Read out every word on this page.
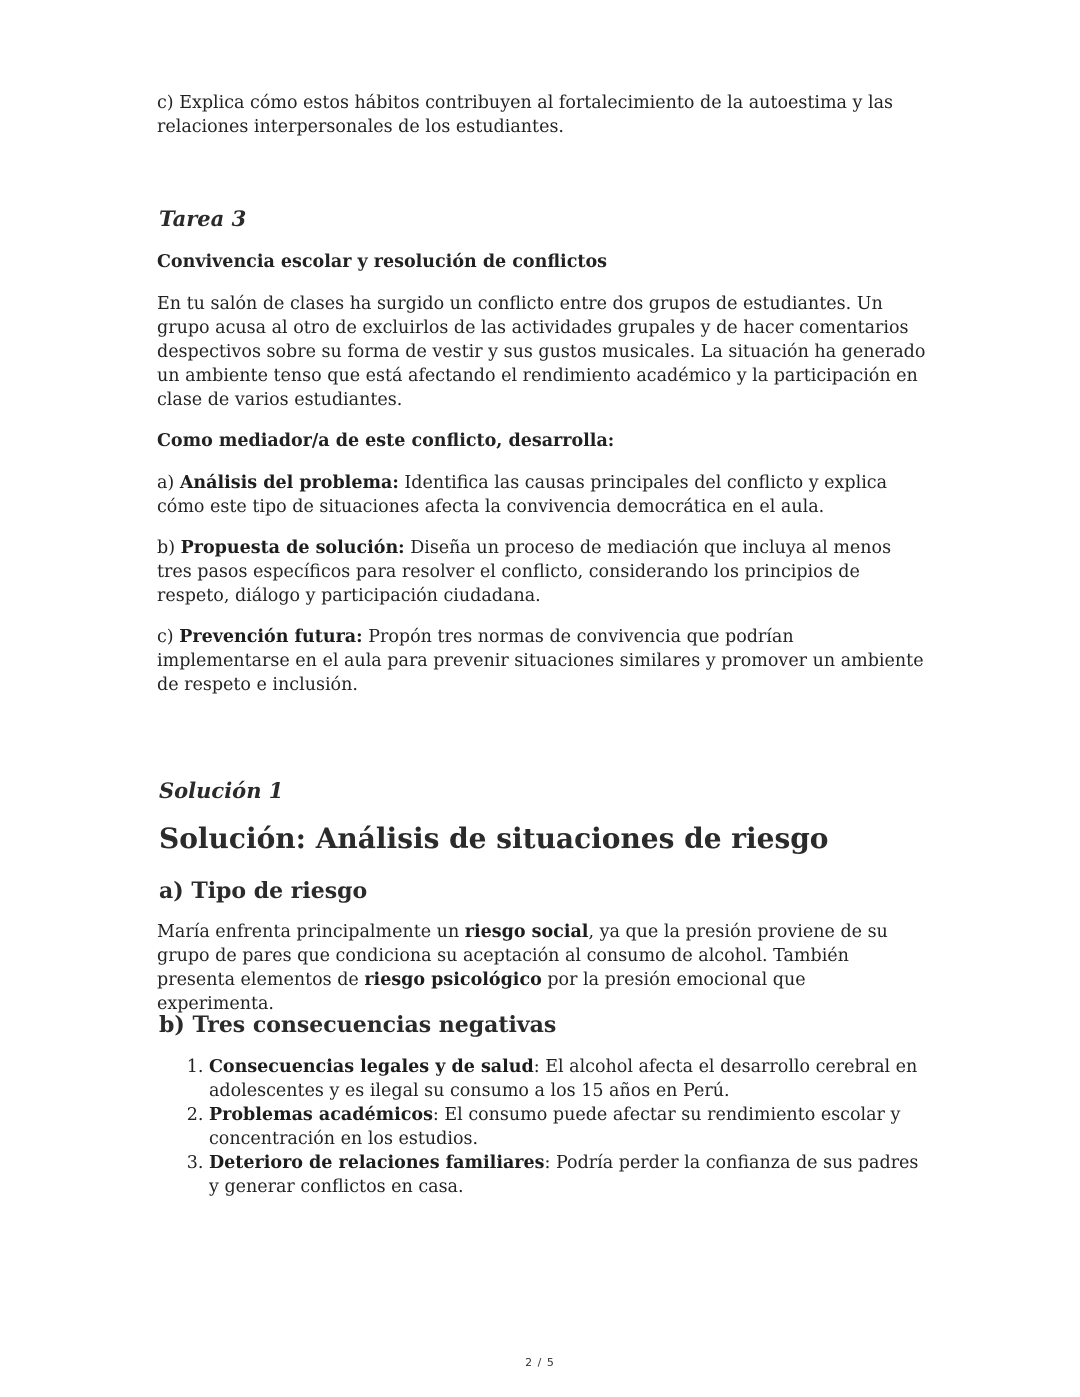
c) Explica cómo estos hábitos contribuyen al fortalecimiento de la autoestima y las relaciones interpersonales de los estudiantes.

Tarea 3

Convivencia escolar y resolución de conflictos

En tu salón de clases ha surgido un conflicto entre dos grupos de estudiantes. Un grupo acusa al otro de excluirlos de las actividades grupales y de hacer comentarios despectivos sobre su forma de vestir y sus gustos musicales. La situación ha generado un ambiente tenso que está afectando el rendimiento académico y la participación en clase de varios estudiantes.

Como mediador/a de este conflicto, desarrolla:

a) Análisis del problema: Identifica las causas principales del conflicto y explica cómo este tipo de situaciones afecta la convivencia democrática en el aula.

b) Propuesta de solución: Diseña un proceso de mediación que incluya al menos tres pasos específicos para resolver el conflicto, considerando los principios de respeto, diálogo y participación ciudadana.

c) Prevención futura: Propón tres normas de convivencia que podrían implementarse en el aula para prevenir situaciones similares y promover un ambiente de respeto e inclusión.

Solución 1
Solución: Análisis de situaciones de riesgo
a) Tipo de riesgo

María enfrenta principalmente un riesgo social, ya que la presión proviene de su grupo de pares que condiciona su aceptación al consumo de alcohol. También presenta elementos de riesgo psicológico por la presión emocional que experimenta.

b) Tres consecuencias negativas
1. Consecuencias legales y de salud: El alcohol afecta el desarrollo cerebral en adolescentes y es ilegal su consumo a los 15 años en Perú.
2. Problemas académicos: El consumo puede afectar su rendimiento escolar y concentración en los estudios.
3. Deterioro de relaciones familiares: Podría perder la confianza de sus padres y generar conflictos en casa.
2 / 5
